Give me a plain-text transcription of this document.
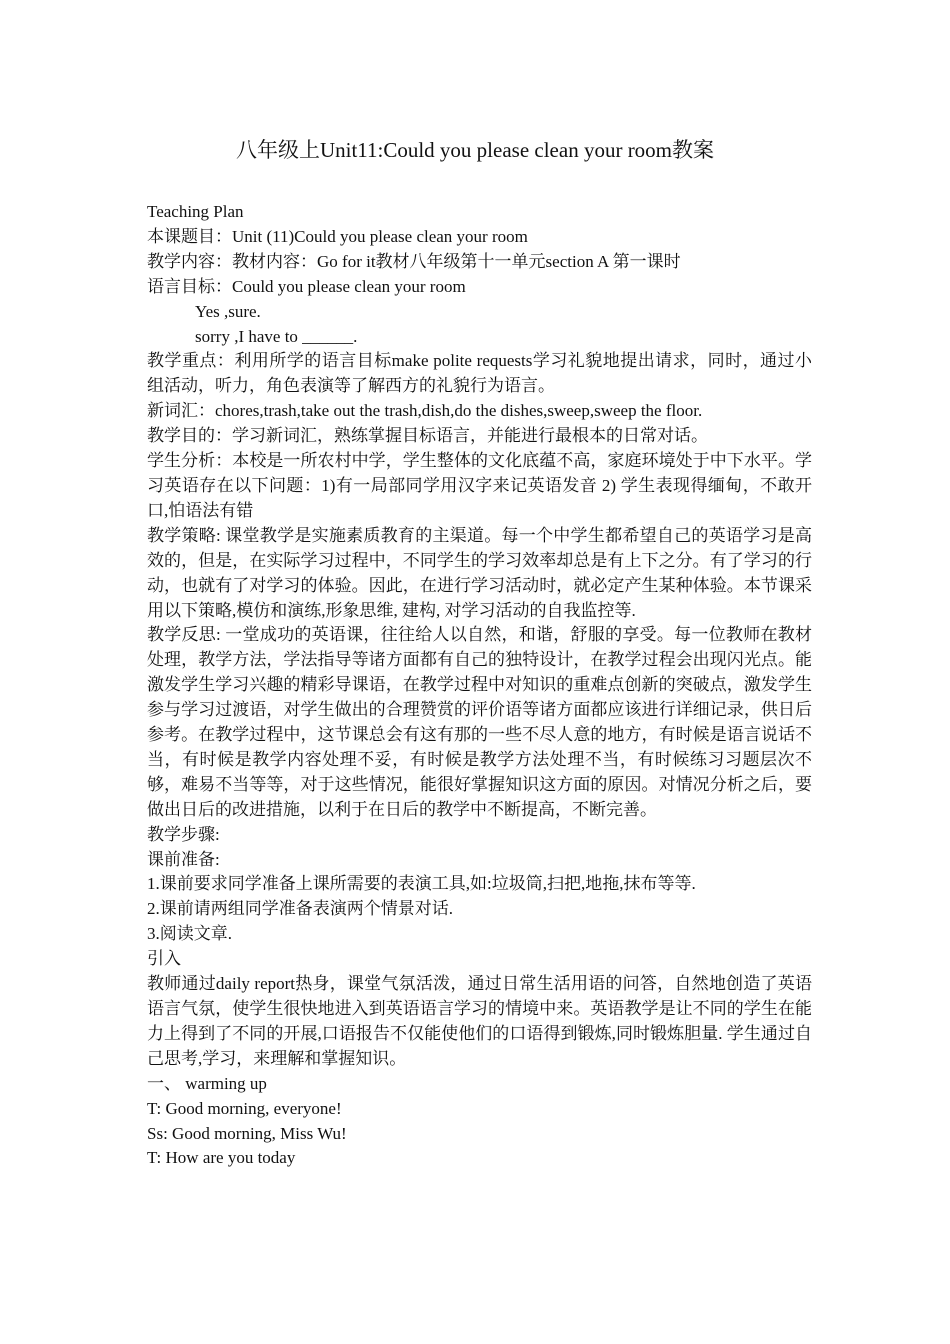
八年级上Unit11:Could you please clean your room教案
Teaching Plan
本课题目：Unit (11)Could you please clean your room
教学内容：教材内容：Go for it教材八年级第十一单元section A 第一课时
语言目标：Could you please clean your room
Yes ,sure.
sorry ,I have to ______.
教学重点：利用所学的语言目标make polite requests学习礼貌地提出请求，同时，通过小组活动，听力，角色表演等了解西方的礼貌行为语言。
新词汇：chores,trash,take out the trash,dish,do the dishes,sweep,sweep the floor.
教学目的：学习新词汇，熟练掌握目标语言，并能进行最根本的日常对话。
学生分析：本校是一所农村中学，学生整体的文化底蕴不高，家庭环境处于中下水平。学习英语存在以下问题：1)有一局部同学用汉字来记英语发音 2) 学生表现得缅甸，不敢开口,怕语法有错
教学策略: 课堂教学是实施素质教育的主渠道。每一个中学生都希望自己的英语学习是高效的，但是，在实际学习过程中，不同学生的学习效率却总是有上下之分。有了学习的行动，也就有了对学习的体验。因此，在进行学习活动时，就必定产生某种体验。本节课采用以下策略,模仿和演练,形象思维, 建构, 对学习活动的自我监控等.
教学反思: 一堂成功的英语课，往往给人以自然，和谐，舒服的享受。每一位教师在教材处理，教学方法，学法指导等诸方面都有自己的独特设计，在教学过程会出现闪光点。能激发学生学习兴趣的精彩导课语，在教学过程中对知识的重难点创新的突破点，激发学生参与学习过渡语，对学生做出的合理赞赏的评价语等诸方面都应该进行详细记录，供日后参考。在教学过程中，这节课总会有这有那的一些不尽人意的地方，有时候是语言说话不当，有时候是教学内容处理不妥，有时候是教学方法处理不当，有时候练习习题层次不够，难易不当等等，对于这些情况，能很好掌握知识这方面的原因。对情况分析之后，要做出日后的改进措施，以利于在日后的教学中不断提高，不断完善。
教学步骤:
课前准备:
1.课前要求同学准备上课所需要的表演工具,如:垃圾筒,扫把,地拖,抹布等等.
2.课前请两组同学准备表演两个情景对话.
3.阅读文章.
引入
教师通过daily report热身，课堂气氛活泼，通过日常生活用语的问答，自然地创造了英语语言气氛，使学生很快地进入到英语语言学习的情境中来。英语教学是让不同的学生在能力上得到了不同的开展,口语报告不仅能使他们的口语得到锻炼,同时锻炼胆量. 学生通过自己思考,学习，来理解和掌握知识。
一、 warming up
T: Good morning, everyone!
Ss: Good morning, Miss Wu!
T: How are you today
